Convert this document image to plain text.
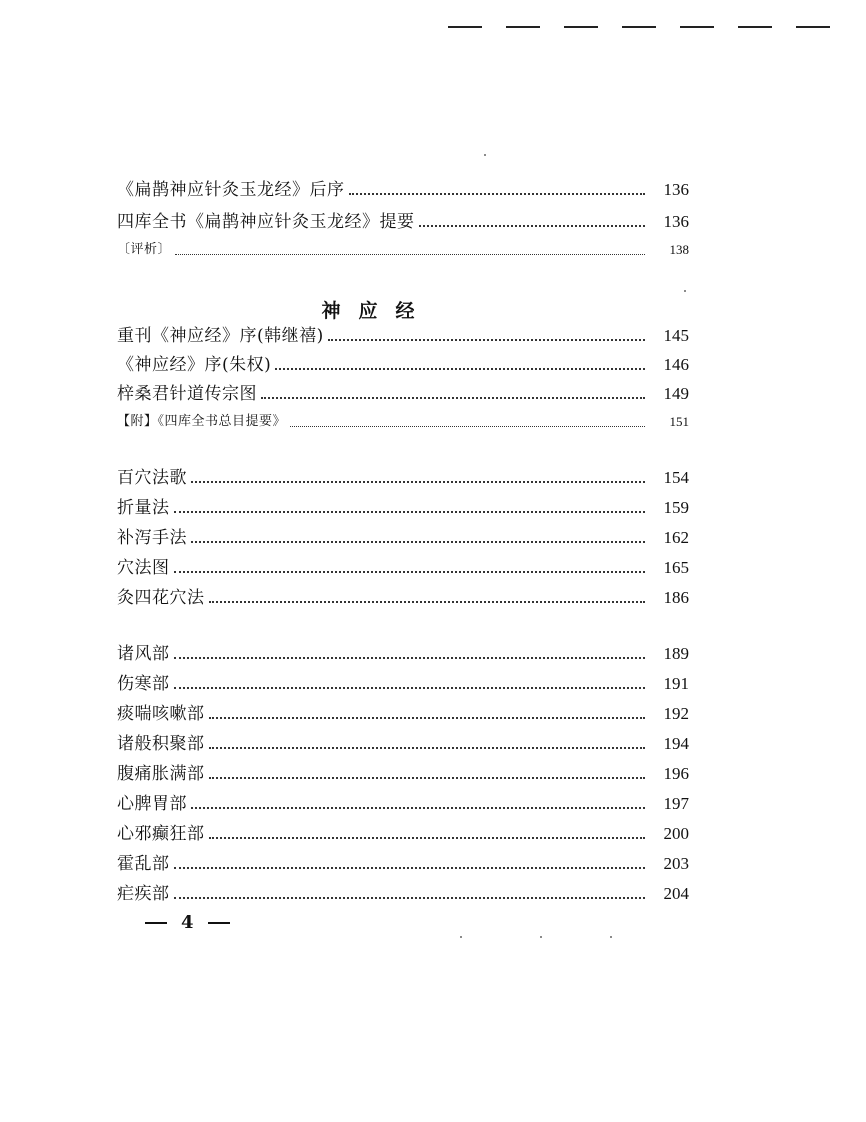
《扁鹊神应针灸玉龙经》后序	136
四库全书《扁鹊神应针灸玉龙经》提要	136
〔评析〕	138
神应经
重刊《神应经》序(韩继禧)	145
《神应经》序(朱权)	146
梓桑君针道传宗图	149
【附】《四库全书总目提要》	151
百穴法歌	154
折量法	159
补泻手法	162
穴法图	165
灸四花穴法	186
诸风部	189
伤寒部	191
痰喘咳嗽部	192
诸般积聚部	194
腹痛胀满部	196
心脾胃部	197
心邪癫狂部	200
霍乱部	203
疟疾部	204
4
